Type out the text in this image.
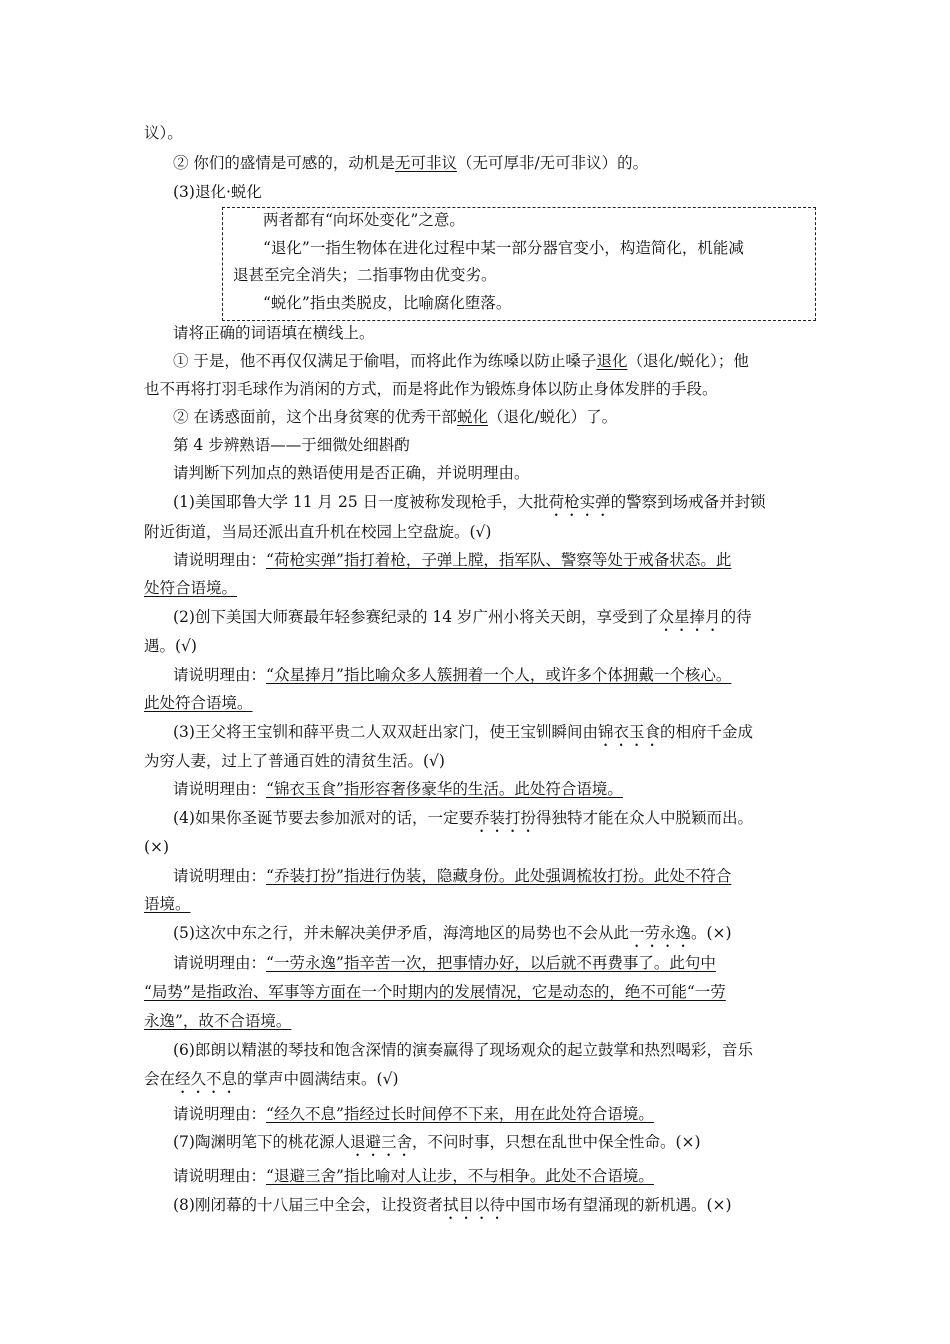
议）。
② 你们的盛情是可感的，动机是无可非议（无可厚非/无可非议）的。
(3)退化·蜕化
两者都有“向坏处变化”之意。
“退化”一指生物体在进化过程中某一部分器官变小，构造简化，机能减
退甚至完全消失；二指事物由优变劣。
“蜕化”指虫类脱皮，比喻腐化堕落。
请将正确的词语填在横线上。
① 于是，他不再仅仅满足于偷唱，而将此作为练嗓以防止嗓子退化（退化/蜕化）；他
也不再将打羽毛球作为消闲的方式，而是将此作为锻炼身体以防止身体发胖的手段。
② 在诱惑面前，这个出身贫寒的优秀干部蜕化（退化/蜕化）了。
第 4 步辨熟语——于细微处细斟酌
请判断下列加点的熟语使用是否正确，并说明理由。
(1)美国耶鲁大学 11 月 25 日一度被称发现枪手，大批荷枪实弹的警察到场戒备并封锁
附近街道，当局还派出直升机在校园上空盘旋。(√)
请说明理由：“荷枪实弹”指打着枪，子弹上膛，指军队、警察等处于戒备状态。此
处符合语境。
(2)创下美国大师赛最年轻参赛纪录的 14 岁广州小将关天朗，享受到了众星捧月的待
遇。(√)
请说明理由：“众星捧月”指比喻众多人簇拥着一个人，或许多个体拥戴一个核心。
此处符合语境。
(3)王父将王宝钏和薛平贵二人双双赶出家门，使王宝钏瞬间由锦衣玉食的相府千金成
为穷人妻，过上了普通百姓的清贫生活。(√)
请说明理由：“锦衣玉食”指形容奢侈豪华的生活。此处符合语境。
(4)如果你圣诞节要去参加派对的话，一定要乔装打扮得独特才能在众人中脱颖而出。
(×)
请说明理由：“乔装打扮”指进行伪装，隐藏身份。此处强调梳妆打扮。此处不符合
语境。
(5)这次中东之行，并未解决美伊矛盾，海湾地区的局势也不会从此一劳永逸。(×)
请说明理由：“一劳永逸”指辛苦一次，把事情办好，以后就不再费事了。此句中
“局势”是指政治、军事等方面在一个时期内的发展情况，它是动态的，绝不可能“一劳
永逸”，故不合语境。
(6)郎朗以精湛的琴技和饱含深情的演奏赢得了现场观众的起立鼓掌和热烈喝彩，音乐
会在经久不息的掌声中圆满结束。(√)
请说明理由：“经久不息”指经过长时间停不下来，用在此处符合语境。
(7)陶渊明笔下的桃花源人退避三舍，不问时事，只想在乱世中保全性命。(×)
请说明理由：“退避三舍”指比喻对人让步，不与相争。此处不合语境。
(8)刚闭幕的十八届三中全会，让投资者拭目以待中国市场有望涌现的新机遇。(×)
